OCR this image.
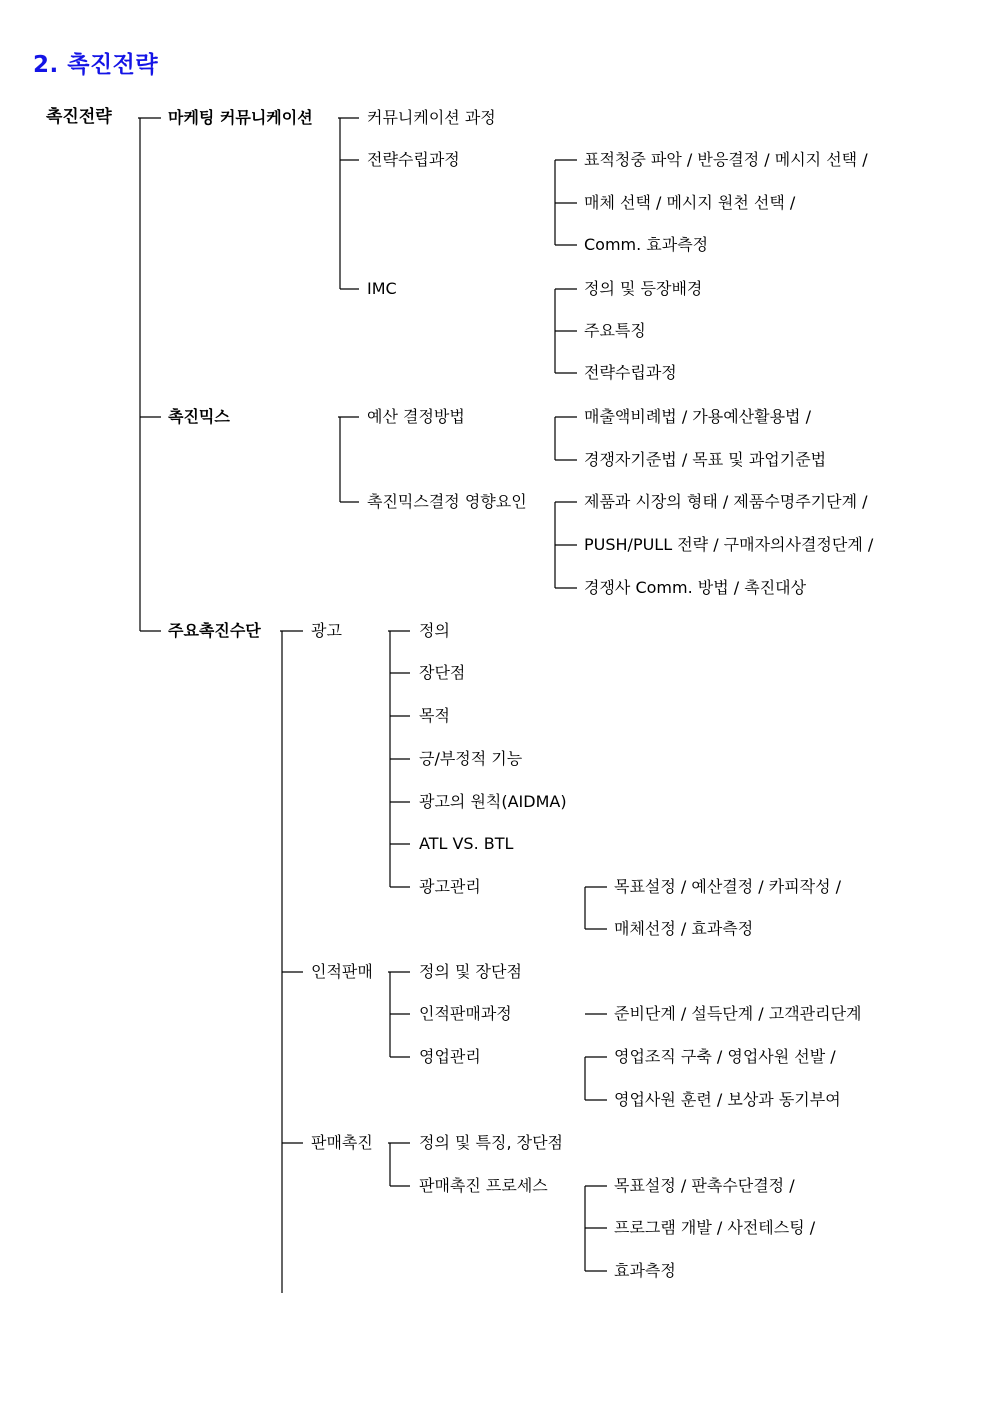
2. 촉진전략
촉진전략	마케팅 커뮤니케이션
촉진믹스
주요촉진수단
커뮤니케이션 과정
전략수립과정
IMC
표적청중 파악 / 반응결정 / 메시지 선택 /
매체 선택 / 메시지 원천 선택 /
Comm. 효과측정
정의 및 등장배경
주요특징
전략수립과정
예산 결정방법
촉진믹스결정 영향요인
매출액비례법 / 가용예산활용법 /
경쟁자기준법 / 목표 및 과업기준법
제품과 시장의 형태 / 제품수명주기단계 /
PUSH/PULL 전략 / 구매자의사결정단계 /
경쟁사 Comm. 방법 / 촉진대상
광고
인적판매
판매촉진
정의
장단점
목적
긍/부정적 기능
광고의 원칙(AIDMA)
ATL VS. BTL
광고관리	목표설정 / 예산결정 / 카피작성 /
매체선정 / 효과측정
정의 및 장단점
인적판매과정
영업관리
준비단계 / 설득단계 / 고객관리단계
영업조직 구축 / 영업사원 선발 /
영업사원 훈련 / 보상과 동기부여
정의 및 특징, 장단점
판매촉진 프로세스	목표설정 / 판촉수단결정 /
프로그램 개발 / 사전테스팅 /
효과측정
